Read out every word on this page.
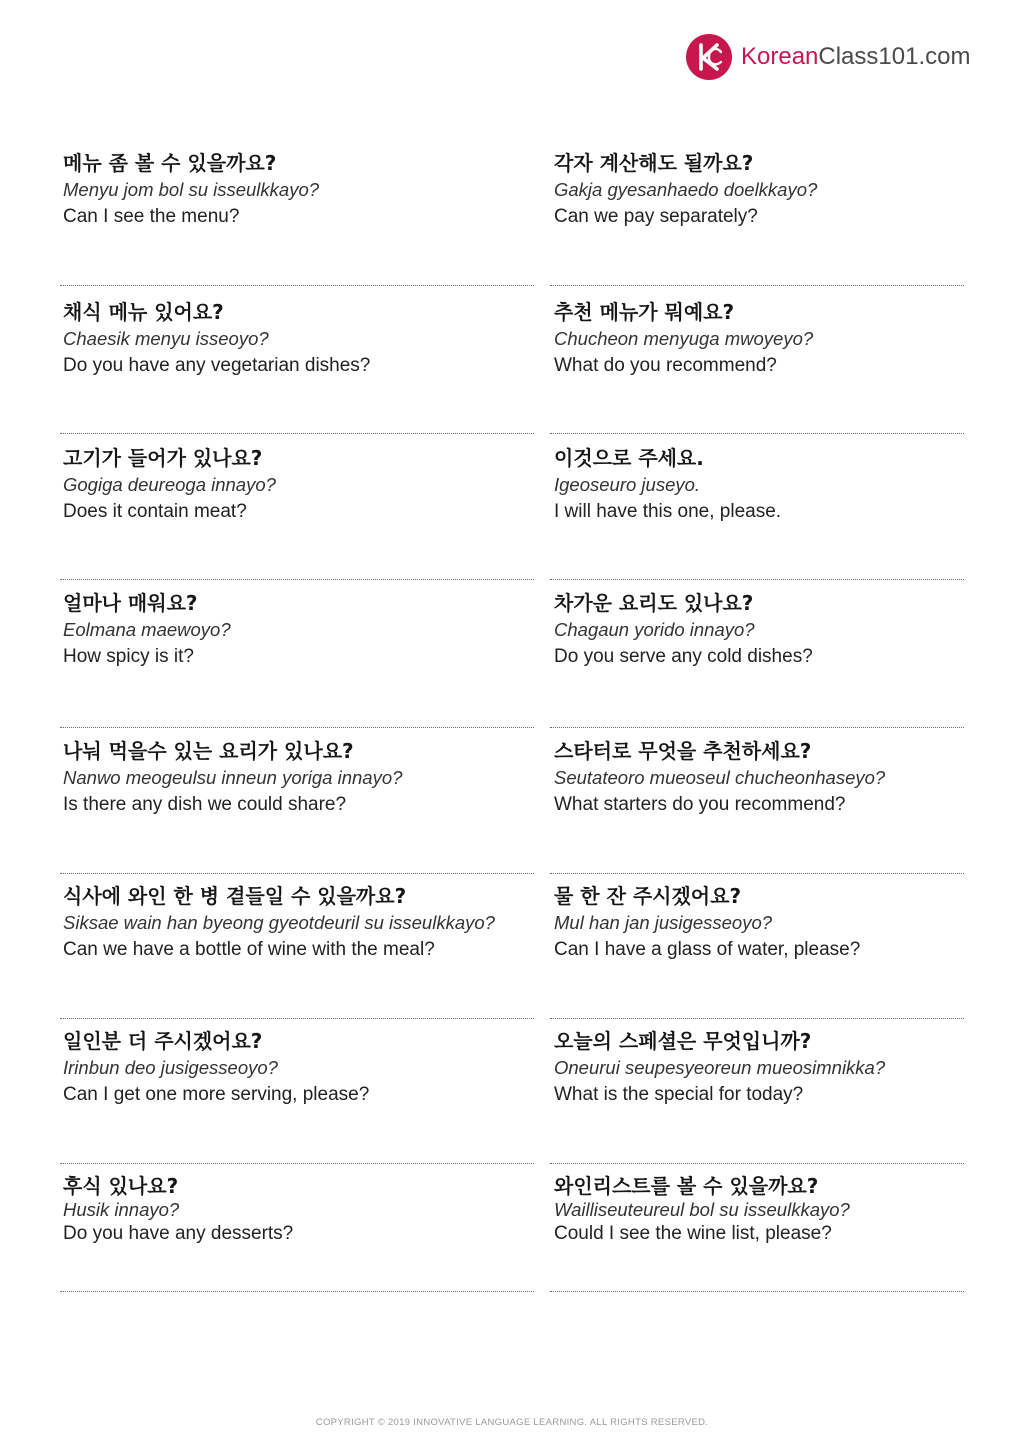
KoreanClass101.com
메뉴 좀 볼 수 있을까요?
Menyu jom bol su isseulkkayo?
Can I see the menu?
각자 계산해도 될까요?
Gakja gyesanhaedo doelkkayo?
Can we pay separately?
채식 메뉴 있어요?
Chaesik menyu isseoyo?
Do you have any vegetarian dishes?
추천 메뉴가 뭐예요?
Chucheon menyuga mwoyeyo?
What do you recommend?
고기가 들어가 있나요?
Gogiga deureoga innayo?
Does it contain meat?
이것으로 주세요.
Igeoseuro juseyo.
I will have this one, please.
얼마나 매워요?
Eolmana maewoyo?
How spicy is it?
차가운 요리도 있나요?
Chagaun yorido innayo?
Do you serve any cold dishes?
나눠 먹을수 있는 요리가 있나요?
Nanwo meogeulsu inneun yoriga innayo?
Is there any dish we could share?
스타터로 무엇을 추천하세요?
Seutateoro mueoseul chucheonhaseyo?
What starters do you recommend?
식사에 와인 한 병 곁들일 수 있을까요?
Siksae wain han byeong gyeotdeuril su isseulkkayo?
Can we have a bottle of wine with the meal?
물 한 잔 주시겠어요?
Mul han jan jusigesseoyo?
Can I have a glass of water, please?
일인분 더 주시겠어요?
Irinbun deo jusigesseoyo?
Can I get one more serving, please?
오늘의 스페셜은 무엇입니까?
Oneurui seupesyeoreun mueosimnikka?
What is the special for today?
후식 있나요?
Husik innayo?
Do you have any desserts?
와인리스트를 볼 수 있을까요?
Wailliseuteureul bol su isseulkkayo?
Could I see the wine list, please?
COPYRIGHT © 2019 INNOVATIVE LANGUAGE LEARNING. ALL RIGHTS RESERVED.
